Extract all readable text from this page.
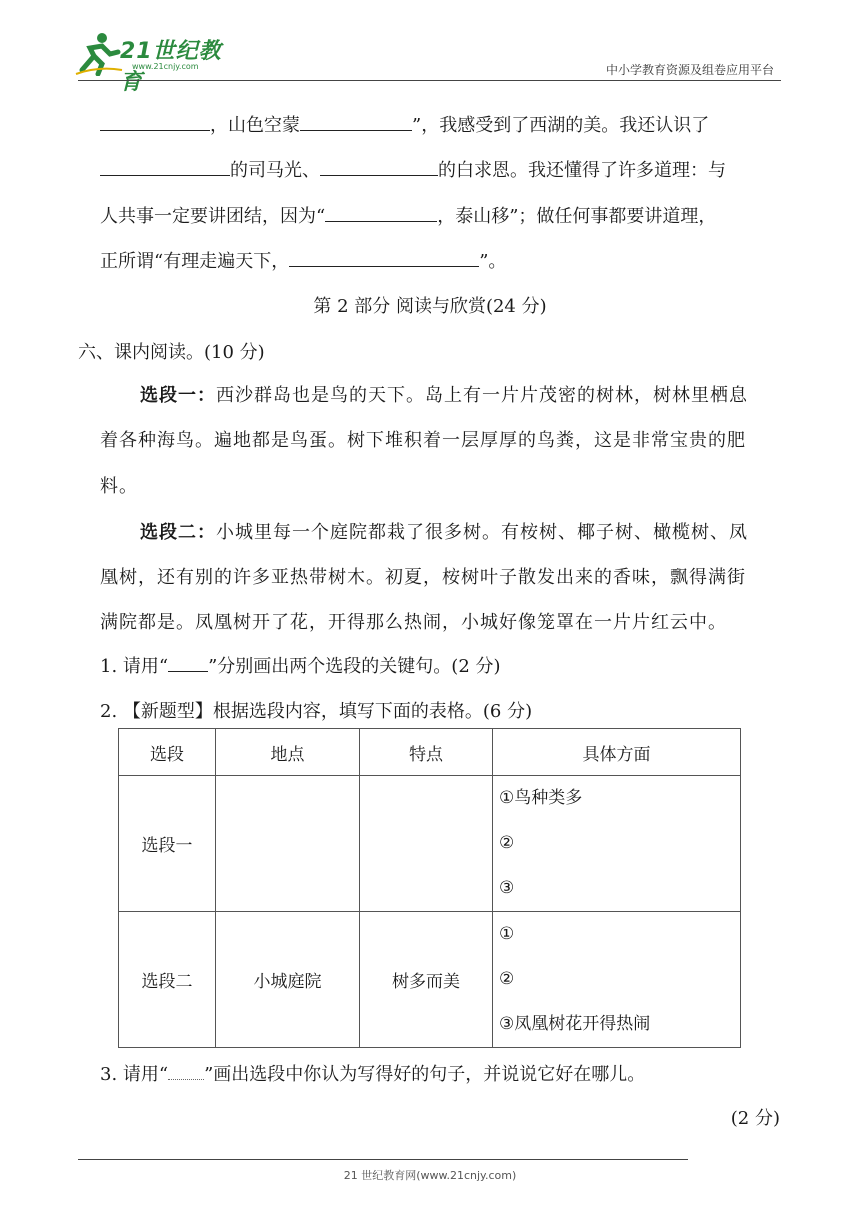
21世纪教育
www.21cnjy.com	中小学教育资源及组卷应用平台
，山色空蒙	”，我感受到了西湖的美。我还认识了
的司马光、	的白求恩。我还懂得了许多道理：与
人共事一定要讲团结，因为“	，泰山移”；做任何事都要讲道理，
正所谓“有理走遍天下，	”。
第 2 部分 阅读与欣赏(24 分)
六、课内阅读。(10 分)
选段一：西沙群岛也是鸟的天下。岛上有一片片茂密的树林，树林里栖息
着各种海鸟。遍地都是鸟蛋。树下堆积着一层厚厚的鸟粪，这是非常宝贵的肥
料。
选段二：小城里每一个庭院都栽了很多树。有桉树、椰子树、橄榄树、凤
凰树，还有别的许多亚热带树木。初夏，桉树叶子散发出来的香味，飘得满街
满院都是。凤凰树开了花，开得那么热闹，小城好像笼罩在一片片红云中。
1. 请用“ ”分别画出两个选段的关键句。(2 分)
2. 【新题型】根据选段内容，填写下面的表格。(6 分)
选段	地点	特点	具体方面
选段一			①鸟种类多
②
③

选段二	小城庭院	树多而美	①
②
③凤凰树花开得热闹
3. 请用“ ”画出选段中你认为写得好的句子，并说说它好在哪儿。
(2 分)
21 世纪教育网(www.21cnjy.com)
